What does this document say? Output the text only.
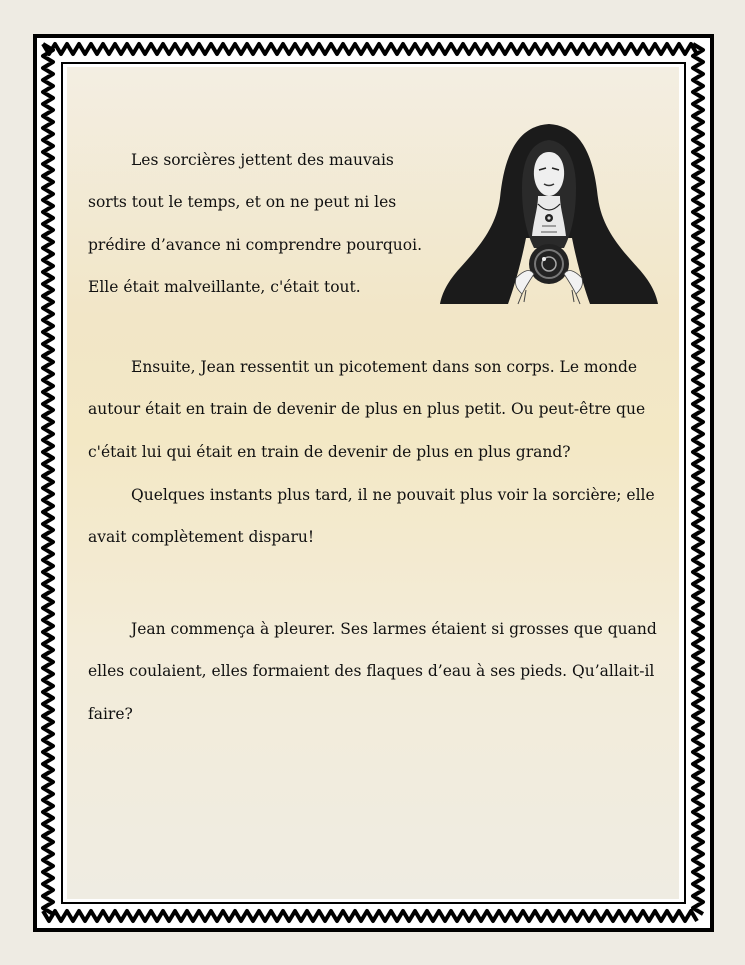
Les sorcières jettent des mauvais

sorts tout le temps, et on ne peut ni les
prédire d’avance ni comprendre pourquoi.
Elle était malveillante, c'était tout.

Ensuite, Jean ressentit un picotement dans son corps. Le monde

autour était en train de devenir de plus en plus petit. Ou peut-être que
c'était lui qui était en train de devenir de plus en plus grand?

Quelques instants plus tard, il ne pouvait plus voir la sorcière; elle

avait complètement disparu!

Jean commença à pleurer. Ses larmes étaient si grosses que quand

elles coulaient, elles formaient des flaques d’eau à ses pieds. Qu’allait-il
faire?
